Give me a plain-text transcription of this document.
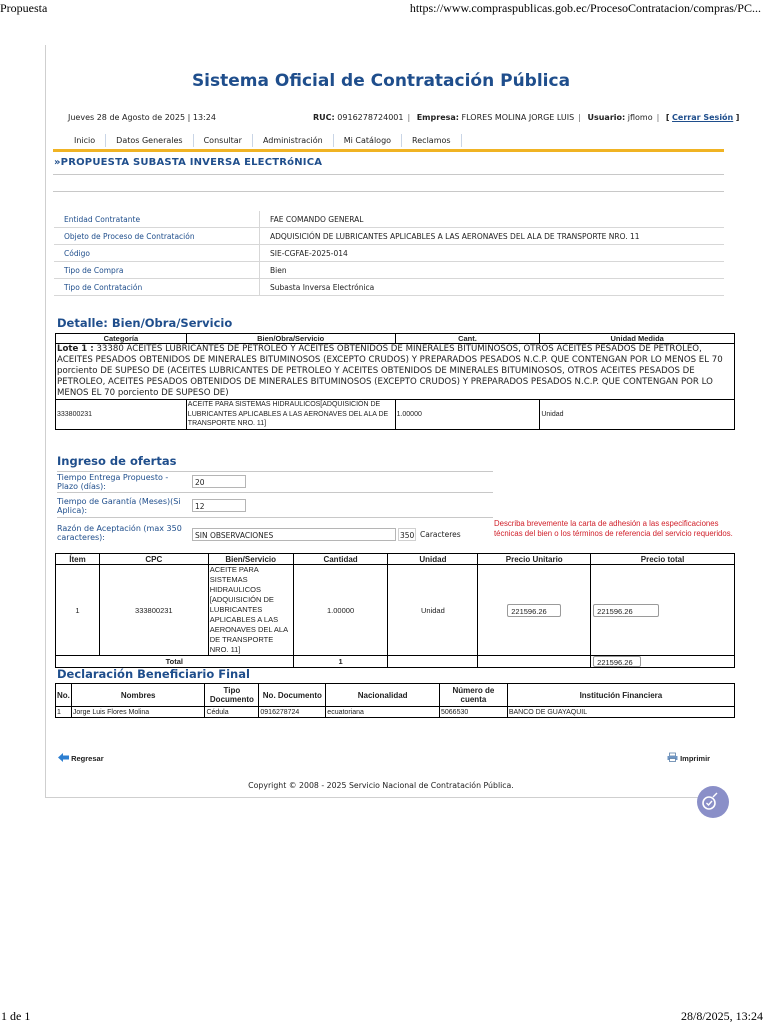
Propuesta	https://www.compraspublicas.gob.ec/ProcesoContratacion/compras/PC...
Sistema Oficial de Contratación Pública
Jueves 28 de Agosto de 2025 | 13:24	RUC: 0916278724001 | Empresa: FLORES MOLINA JORGE LUIS | Usuario: jflomo | [ Cerrar Sesión ]
Inicio	Datos Generales	Consultar	Administración	Mi Catálogo	Reclamos
»PROPUESTA SUBASTA INVERSA ELECTRóNICA
Entidad Contratante	FAE COMANDO GENERAL
Objeto de Proceso de Contratación	ADQUISICIÓN DE LUBRICANTES APLICABLES A LAS AERONAVES DEL ALA DE TRANSPORTE NRO. 11
Código	SIE-CGFAE-2025-014
Tipo de Compra	Bien
Tipo de Contratación	Subasta Inversa Electrónica
Detalle: Bien/Obra/Servicio
Categoría	Bien/Obra/Servicio	Cant.	Unidad Medida
Lote 1 : 33380 ACEITES LUBRICANTES DE PETROLEO Y ACEITES OBTENIDOS DE MINERALES BITUMINOSOS, OTROS ACEITES PESADOS DE PETROLEO, ACEITES PESADOS OBTENIDOS DE MINERALES BITUMINOSOS (EXCEPTO CRUDOS) Y PREPARADOS PESADOS N.C.P. QUE CONTENGAN POR LO MENOS EL 70 porciento DE SUPESO DE (ACEITES LUBRICANTES DE PETROLEO Y ACEITES OBTENIDOS DE MINERALES BITUMINOSOS, OTROS ACEITES PESADOS DE PETROLEO, ACEITES PESADOS OBTENIDOS DE MINERALES BITUMINOSOS (EXCEPTO CRUDOS) Y PREPARADOS PESADOS N.C.P. QUE CONTENGAN POR LO MENOS EL 70 porciento DE SUPESO DE)			
333800231	ACEITE PARA SISTEMAS HIDRAULICOS[ADQUISICIÓN DE LUBRICANTES APLICABLES A LAS AERONAVES DEL ALA DE TRANSPORTE NRO. 11]	1.00000	Unidad
Ingreso de ofertas
Tiempo Entrega Propuesto - Plazo (días):	20
Tiempo de Garantía (Meses)(Si Aplica):	12
Razón de Aceptación (max 350 caracteres):	SIN OBSERVACIONES	350 Caracteres
Describa brevemente la carta de adhesión a las especificaciones técnicas del bien o los términos de referencia del servicio requeridos.
Ítem	CPC	Bien/Servicio	Cantidad	Unidad	Precio Unitario	Precio total
1	333800231	ACEITE PARA SISTEMAS HIDRAULICOS [ADQUISICIÓN DE LUBRICANTES APLICABLES A LAS AERONAVES DEL ALA DE TRANSPORTE NRO. 11]	1.00000	Unidad	221596.26	221596.26
Total			1			221596.26
Declaración Beneficiario Final
No.	Nombres	Tipo Documento	No. Documento	Nacionalidad	Número de cuenta	Institución Financiera
1	Jorge Luis Flores Molina	Cédula	0916278724	ecuatoriana	5066530	BANCO DE GUAYAQUIL
Regresar	Imprimir
Copyright © 2008 - 2025 Servicio Nacional de Contratación Pública.
1 de 1	28/8/2025, 13:24
